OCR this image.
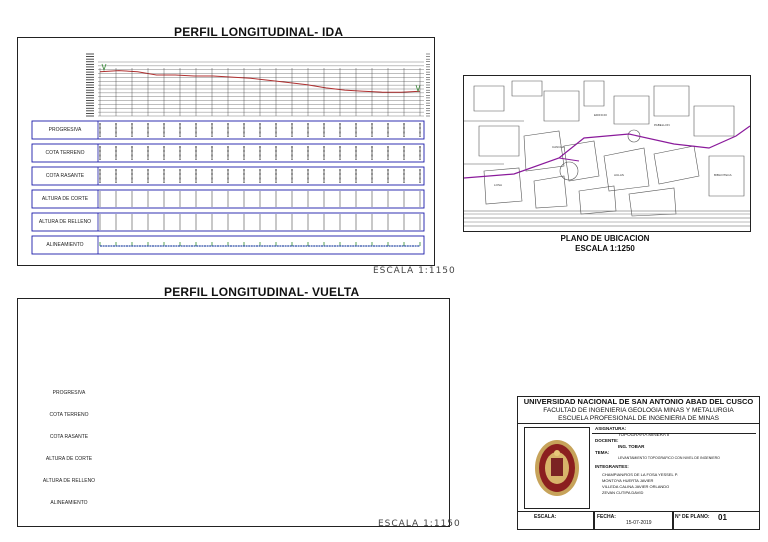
PERFIL LONGITUDINAL- IDA
ESCALA 1:1150
PERFIL LONGITUDINAL- VUELTA
ESCALA 1:1150
PROGRESIVA
COTA TERRENO
COTA RASANTE
ALTURA DE CORTE
ALTURA DE RELLENO
ALINEAMIENTO
PROGRESIVA
COTA TERRENO
COTA RASANTE
ALTURA DE CORTE
ALTURA DE RELLENO
ALINEAMIENTO
EDIFICIO
PABELLON
CANCHA
AULAS
LOSA
BIBLIOTECA
PLANO DE UBICACION
ESCALA 1:1250
UNIVERSIDAD NACIONAL DE SAN ANTONIO ABAD DEL CUSCO
FACULTAD DE INGENIERIA GEOLOGIA MINAS Y METALURGIA
ESCUELA PROFESIONAL DE INGENIERIA DE MINAS
ASIGNATURA:
TOPOGRAFIA MINERA II
DOCENTE:
ING. TOBAR
TEMA:
LEVANTAMIENTO TOPOGRAFICO CON NIVEL DE INGENIERO
INTEGRANTES:
CHAMPIAN/ROS DE LA FOSA YESSEL P.
MONTOYA HUERTA JAVIER
VILLEDA CALINA JAVIER ORLANDO
ZEVAN CUTIPA DAVID
ESCALA:	FECHA:
15-07-2019
N° DE PLANO: 01
